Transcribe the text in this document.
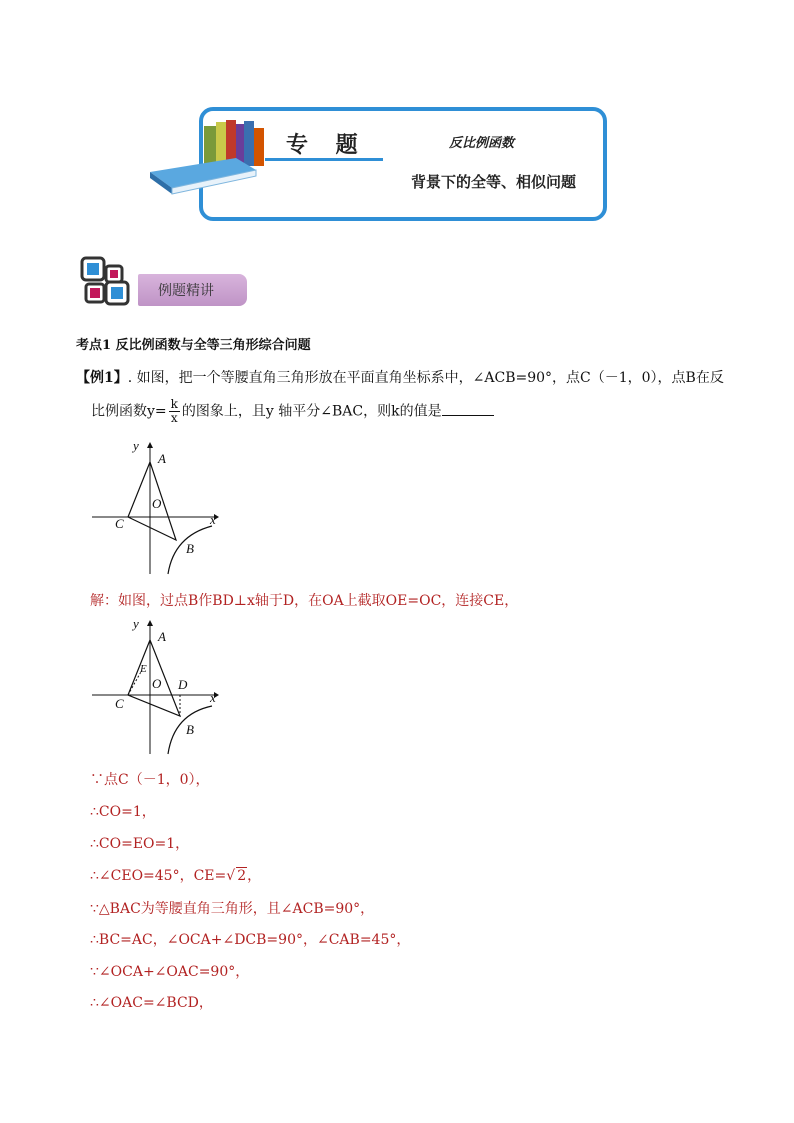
专 题	反比例函数
背景下的全等、相似问题
例题精讲
考点1 反比例函数与全等三角形综合问题
【例1】. 如图，把一个等腰直角三角形放在平面直角坐标系中，∠ACB=90°，点C（－1，0），点B在反
比例函数$y= \frac{k}{x}$ 的图象上，且y 轴平分∠BAC，则k的值是
y
A
O
x
C
B
解：如图，过点B作BD⊥x轴于D，在OA上截取OE=OC，连接CE，
y
A
E
O D
x
C
B
∵点C（－1，0），
∴CO=1，
∴CO=EO=1，
∴∠CEO=45°，CE=√ 2，
∵△BAC为等腰直角三角形，且∠ACB=90°，
∴BC=AC，∠OCA+∠DCB=90°，∠CAB=45°，
∵∠OCA+∠OAC=90°，
∴∠OAC=∠BCD，
